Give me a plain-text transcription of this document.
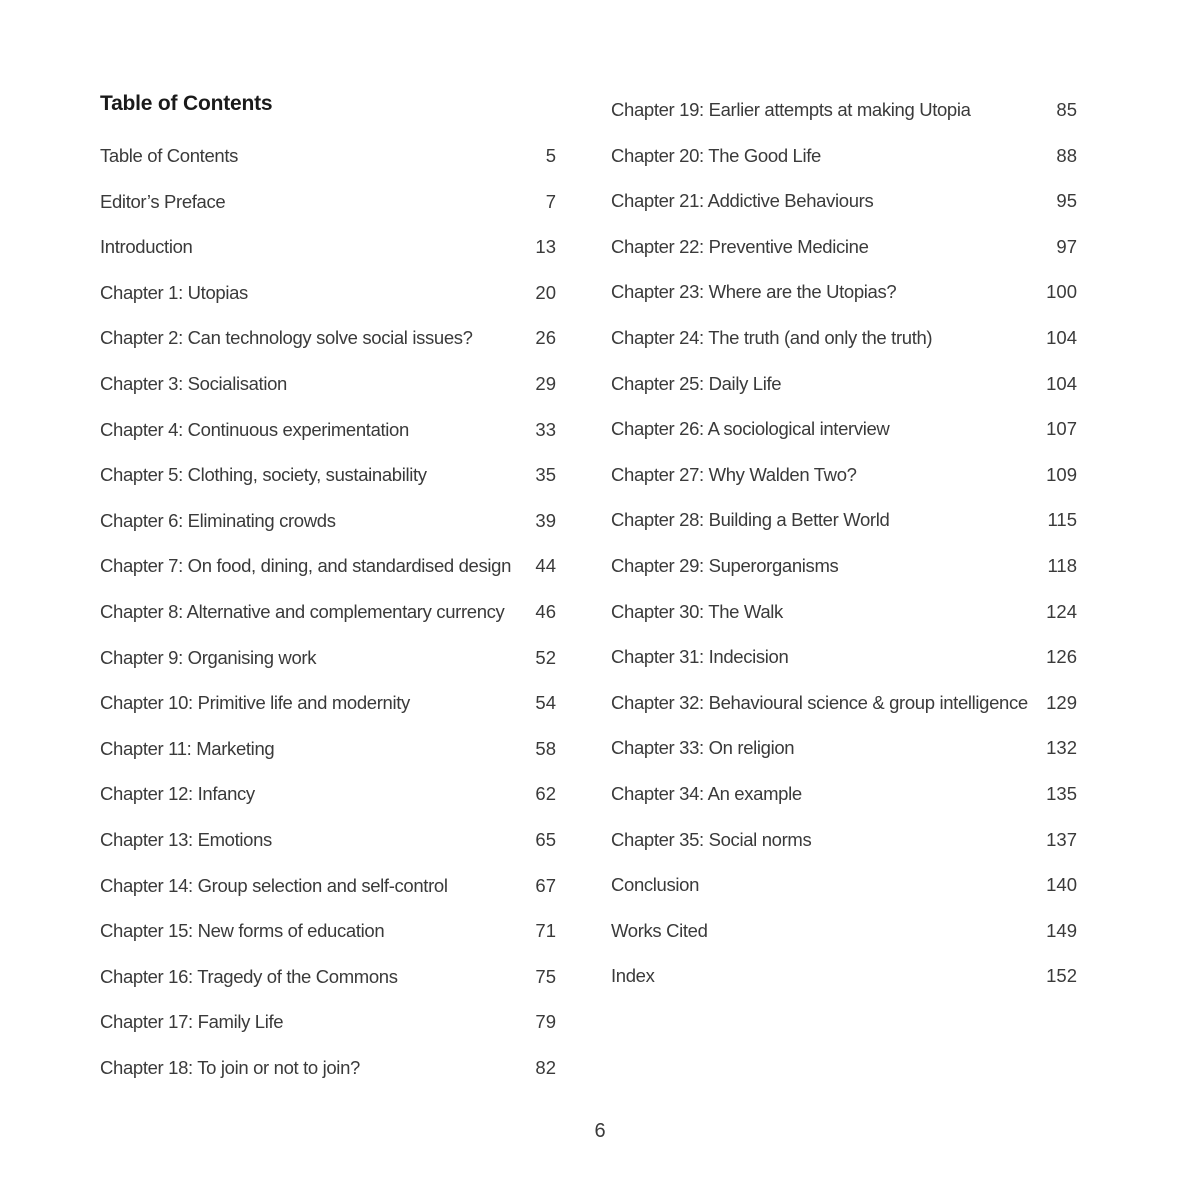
Table of Contents
Table of Contents	5
Editor’s Preface	7
Introduction	13
Chapter 1: Utopias	20
Chapter 2: Can technology solve social issues?	26
Chapter 3: Socialisation	29
Chapter 4: Continuous experimentation	33
Chapter 5: Clothing, society, sustainability	35
Chapter 6: Eliminating crowds	39
Chapter 7: On food, dining, and standardised design	44
Chapter 8: Alternative and complementary currency	46
Chapter 9: Organising work	52
Chapter 10: Primitive life and modernity	54
Chapter 11: Marketing	58
Chapter 12: Infancy	62
Chapter 13: Emotions	65
Chapter 14: Group selection and self-control	67
Chapter 15: New forms of education	71
Chapter 16: Tragedy of the Commons	75
Chapter 17: Family Life	79
Chapter 18: To join or not to join?	82
Chapter 19: Earlier attempts at making Utopia	85
Chapter 20: The Good Life	88
Chapter 21: Addictive Behaviours	95
Chapter 22: Preventive Medicine	97
Chapter 23: Where are the Utopias?	100
Chapter 24: The truth (and only the truth)	104
Chapter 25: Daily Life	104
Chapter 26: A sociological interview	107
Chapter 27: Why Walden Two?	109
Chapter 28: Building a Better World	115
Chapter 29: Superorganisms	118
Chapter 30: The Walk	124
Chapter 31: Indecision	126
Chapter 32: Behavioural science & group intelligence 129
Chapter 33: On religion	132
Chapter 34: An example	135
Chapter 35: Social norms	137
Conclusion	140
Works Cited	149
Index	152
6
